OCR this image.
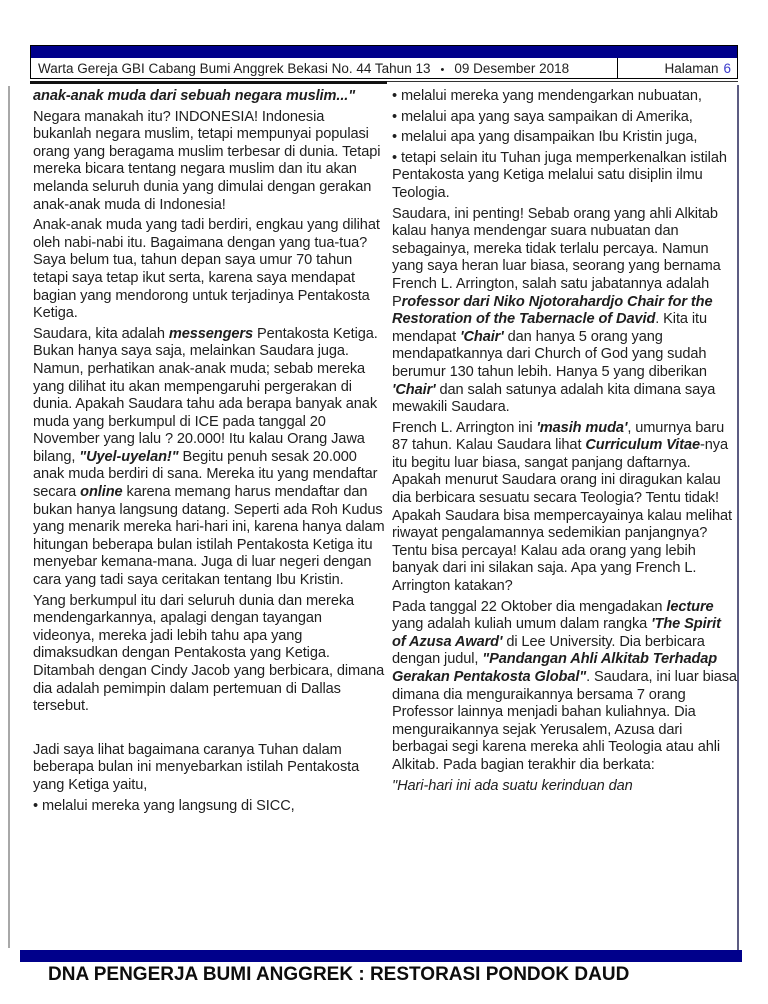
Warta Gereja GBI Cabang Bumi Anggrek Bekasi No. 44 Tahun 13 • 09 Desember 2018	Halaman 6
anak-anak muda dari sebuah negara muslim..."
Negara manakah itu? INDONESIA! Indonesia bukanlah negara muslim, tetapi mempunyai populasi orang yang beragama muslim terbesar di dunia. Tetapi mereka bicara tentang negara muslim dan itu akan melanda seluruh dunia yang dimulai dengan gerakan anak-anak muda di Indonesia!
Anak-anak muda yang tadi berdiri, engkau yang dilihat oleh nabi-nabi itu. Bagaimana dengan yang tua-tua? Saya belum tua, tahun depan saya umur 70 tahun tetapi saya tetap ikut serta, karena saya mendapat bagian yang mendorong untuk terjadinya Pentakosta Ketiga.
Saudara, kita adalah messengers Pentakosta Ketiga. Bukan hanya saya saja, melainkan Saudara juga. Namun, perhatikan anak-anak muda; sebab mereka yang dilihat itu akan mempengaruhi pergerakan di dunia. Apakah Saudara tahu ada berapa banyak anak muda yang berkumpul di ICE pada tanggal 20 November yang lalu ? 20.000! Itu kalau Orang Jawa bilang, "Uyel-uyelan!" Begitu penuh sesak 20.000 anak muda berdiri di sana. Mereka itu yang mendaftar secara online karena memang harus mendaftar dan bukan hanya langsung datang. Seperti ada Roh Kudus yang menarik mereka hari-hari ini, karena hanya dalam hitungan beberapa bulan istilah Pentakosta Ketiga itu menyebar kemana-mana. Juga di luar negeri dengan cara yang tadi saya ceritakan tentang Ibu Kristin.
Yang berkumpul itu dari seluruh dunia dan mereka mendengarkannya, apalagi dengan tayangan videonya, mereka jadi lebih tahu apa yang dimaksudkan dengan Pentakosta yang Ketiga. Ditambah dengan Cindy Jacob yang berbicara, dimana dia adalah pemimpin dalam pertemuan di Dallas tersebut.
Jadi saya lihat bagaimana caranya Tuhan dalam beberapa bulan ini menyebarkan istilah Pentakosta yang Ketiga yaitu,
• melalui mereka yang langsung di SICC,
• melalui mereka yang mendengarkan nubuatan,
• melalui apa yang saya sampaikan di Amerika,
• melalui apa yang disampaikan Ibu Kristin juga,
• tetapi selain itu Tuhan juga memperkenalkan istilah Pentakosta yang Ketiga melalui satu disiplin ilmu Teologia.
Saudara, ini penting! Sebab orang yang ahli Alkitab kalau hanya mendengar suara nubuatan dan sebagainya, mereka tidak terlalu percaya. Namun yang saya heran luar biasa, seorang yang bernama French L. Arrington, salah satu jabatannya adalah Professor dari Niko Njotorahardjo Chair for the Restoration of the Tabernacle of David. Kita itu mendapat 'Chair' dan hanya 5 orang yang mendapatkannya dari Church of God yang sudah berumur 130 tahun lebih. Hanya 5 yang diberikan 'Chair' dan salah satunya adalah kita dimana saya mewakili Saudara.
French L. Arrington ini 'masih muda', umurnya baru 87 tahun. Kalau Saudara lihat Curriculum Vitae-nya itu begitu luar biasa, sangat panjang daftarnya. Apakah menurut Saudara orang ini diragukan kalau dia berbicara sesuatu secara Teologia? Tentu tidak! Apakah Saudara bisa mempercayainya kalau melihat riwayat pengalamannya sedemikian panjangnya? Tentu bisa percaya! Kalau ada orang yang lebih banyak dari ini silakan saja. Apa yang French L. Arrington katakan?
Pada tanggal 22 Oktober dia mengadakan lecture yang adalah kuliah umum dalam rangka 'The Spirit of Azusa Award' di Lee University. Dia berbicara dengan judul, "Pandangan Ahli Alkitab Terhadap Gerakan Pentakosta Global". Saudara, ini luar biasa dimana dia menguraikannya bersama 7 orang Professor lainnya menjadi bahan kuliahnya. Dia menguraikannya sejak Yerusalem, Azusa dari berbagai segi karena mereka ahli Teologia atau ahli Alkitab. Pada bagian terakhir dia berkata:
"Hari-hari ini ada suatu kerinduan dan
DNA PENGERJA BUMI ANGGREK : RESTORASI PONDOK DAUD
